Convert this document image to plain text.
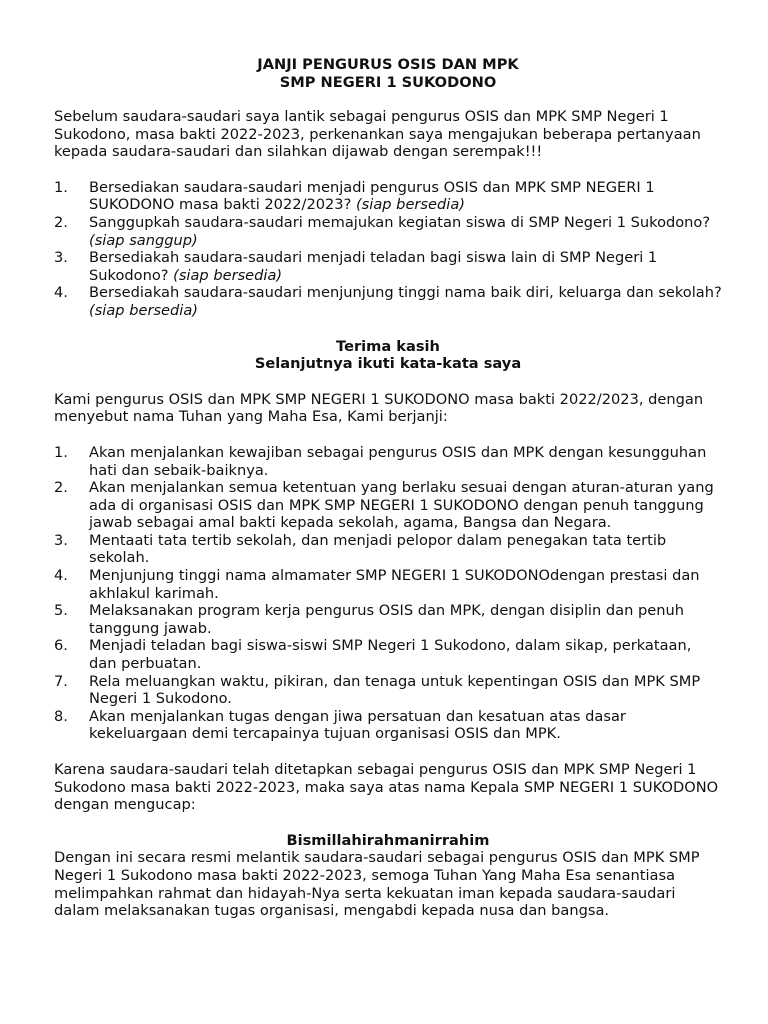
JANJI PENGURUS OSIS DAN MPK
SMP NEGERI 1 SUKODONO

Sebelum saudara-saudari saya lantik sebagai pengurus OSIS dan MPK SMP Negeri 1 Sukodono, masa bakti 2022-2023, perkenankan saya mengajukan beberapa pertanyaan kepada saudara-saudari dan silahkan dijawab dengan serempak!!!

1. Bersediakan saudara-saudari menjadi pengurus OSIS dan MPK SMP NEGERI 1 SUKODONO masa bakti 2022/2023? (siap bersedia)
2. Sanggupkah saudara-saudari memajukan kegiatan siswa di SMP Negeri 1 Sukodono? (siap sanggup)
3. Bersediakah saudara-saudari menjadi teladan bagi siswa lain di SMP Negeri 1 Sukodono? (siap bersedia)
4. Bersediakah saudara-saudari menjunjung tinggi nama baik diri, keluarga dan sekolah? (siap bersedia)
Terima kasih
Selanjutnya ikuti kata-kata saya

Kami pengurus OSIS dan MPK SMP NEGERI 1 SUKODONO masa bakti 2022/2023, dengan menyebut nama Tuhan yang Maha Esa, Kami berjanji:

1. Akan menjalankan kewajiban sebagai pengurus OSIS dan MPK dengan kesungguhan hati dan sebaik-baiknya.
2. Akan menjalankan semua ketentuan yang berlaku sesuai dengan aturan-aturan yang ada di organisasi OSIS dan MPK SMP NEGERI 1 SUKODONO dengan penuh tanggung jawab sebagai amal bakti kepada sekolah, agama, Bangsa dan Negara.
3. Mentaati tata tertib sekolah, dan menjadi pelopor dalam penegakan tata tertib sekolah.
4. Menjunjung tinggi nama almamater SMP NEGERI 1 SUKODONOdengan prestasi dan akhlakul karimah.
5. Melaksanakan program kerja pengurus OSIS dan MPK, dengan disiplin dan penuh tanggung jawab.
6. Menjadi teladan bagi siswa-siswi SMP Negeri 1 Sukodono, dalam sikap, perkataan, dan perbuatan.
7. Rela meluangkan waktu, pikiran, dan tenaga untuk kepentingan OSIS dan MPK SMP Negeri 1 Sukodono.
8. Akan menjalankan tugas dengan jiwa persatuan dan kesatuan atas dasar kekeluargaan demi tercapainya tujuan organisasi OSIS dan MPK.

Karena saudara-saudari telah ditetapkan sebagai pengurus OSIS dan MPK SMP Negeri 1 Sukodono masa bakti 2022-2023, maka saya atas nama Kepala SMP NEGERI 1 SUKODONO dengan mengucap:

Bismillahirahmanirrahim

Dengan ini secara resmi melantik saudara-saudari sebagai pengurus OSIS dan MPK SMP Negeri 1 Sukodono masa bakti 2022-2023, semoga Tuhan Yang Maha Esa senantiasa melimpahkan rahmat dan hidayah-Nya serta kekuatan iman kepada saudara-saudari dalam melaksanakan tugas organisasi, mengabdi kepada nusa dan bangsa.
